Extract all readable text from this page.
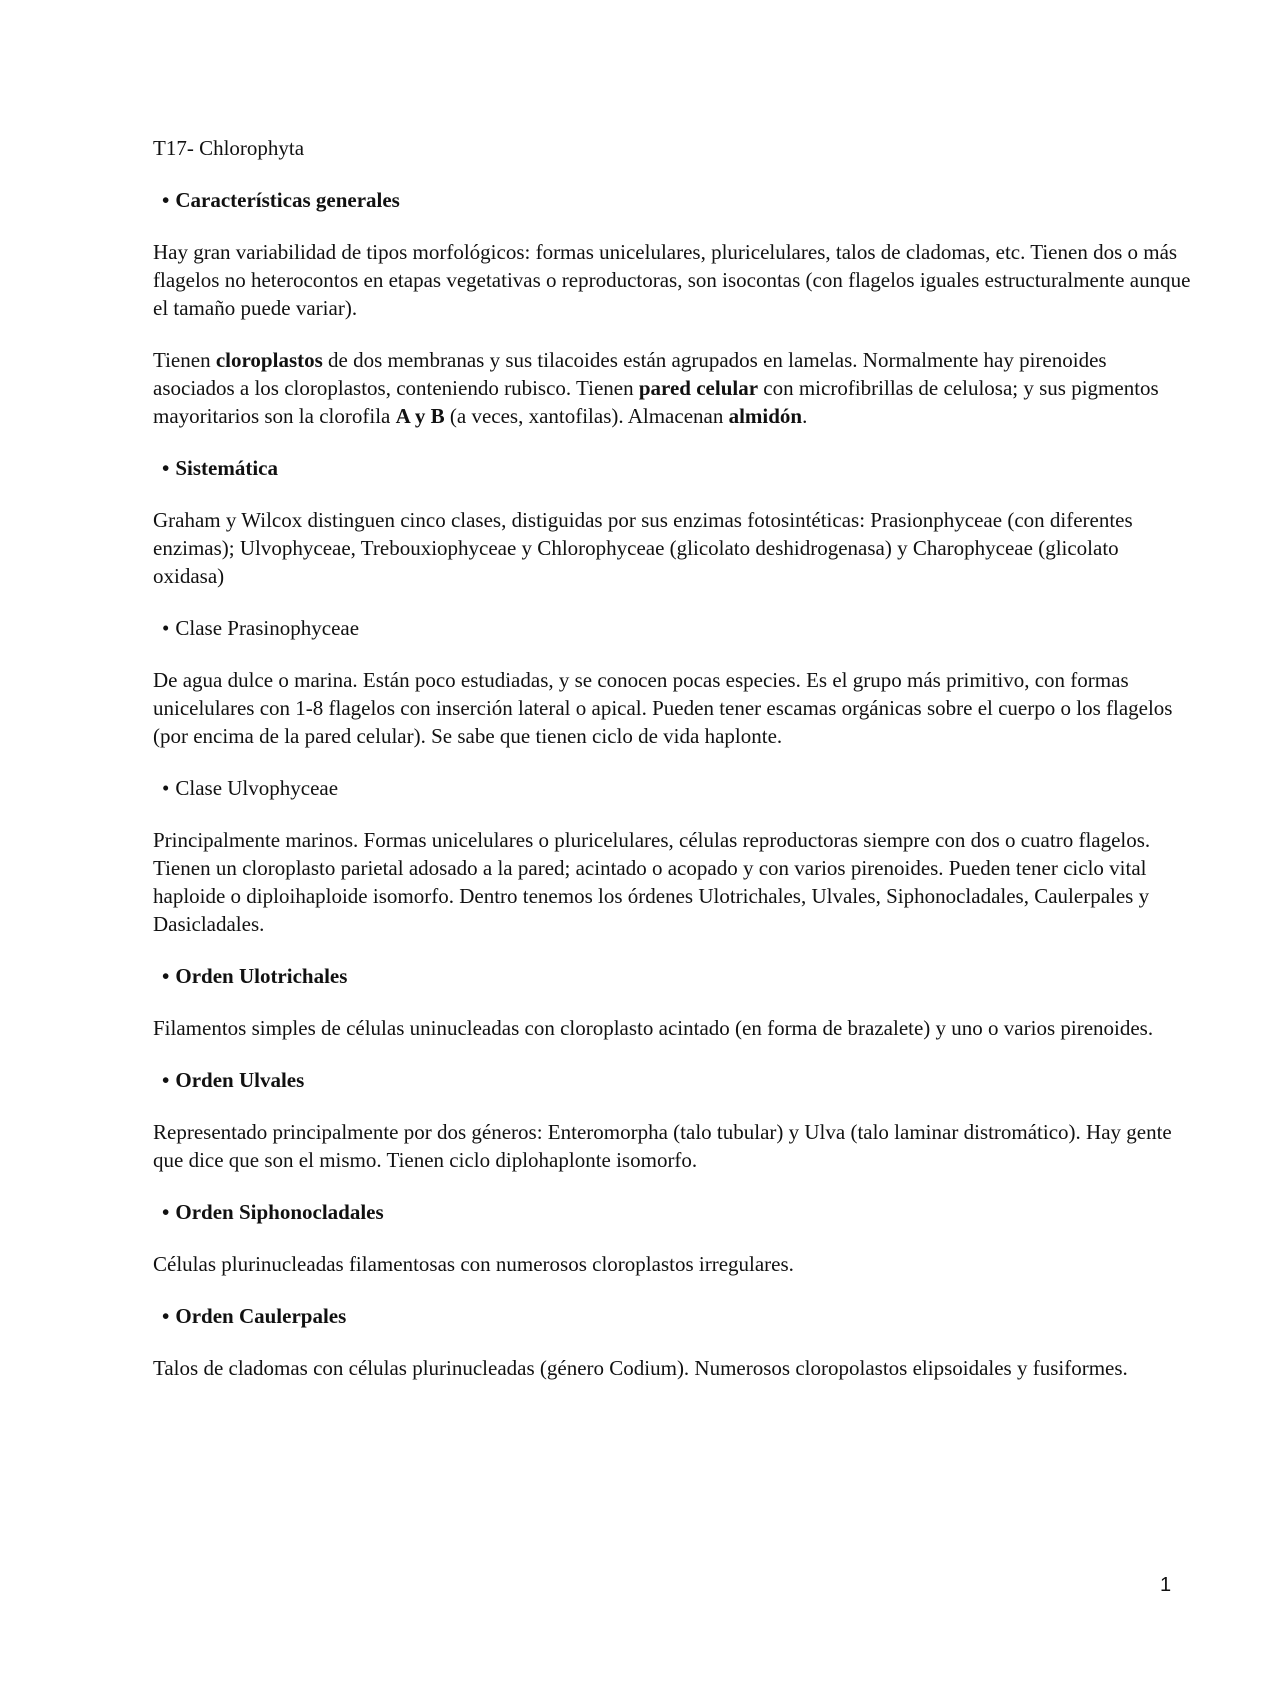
T17- Chlorophyta

• Características generales

Hay gran variabilidad de tipos morfológicos: formas unicelulares, pluricelulares, talos de cladomas, etc. Tienen dos o más flagelos no heterocontos en etapas vegetativas o reproductoras, son isocontas (con flagelos iguales estructuralmente aunque el tamaño puede variar).

Tienen cloroplastos de dos membranas y sus tilacoides están agrupados en lamelas. Normalmente hay pirenoides asociados a los cloroplastos, conteniendo rubisco. Tienen pared celular con microfibrillas de celulosa; y sus pigmentos mayoritarios son la clorofila A y B (a veces, xantofilas). Almacenan almidón.

• Sistemática

Graham y Wilcox distinguen cinco clases, distiguidas por sus enzimas fotosintéticas: Prasionphyceae (con diferentes enzimas); Ulvophyceae, Trebouxiophyceae y Chlorophyceae (glicolato deshidrogenasa) y Charophyceae (glicolato oxidasa)

• Clase Prasinophyceae

De agua dulce o marina. Están poco estudiadas, y se conocen pocas especies. Es el grupo más primitivo, con formas unicelulares con 1-8 flagelos con inserción lateral o apical. Pueden tener escamas orgánicas sobre el cuerpo o los flagelos (por encima de la pared celular). Se sabe que tienen ciclo de vida haplonte.

• Clase Ulvophyceae

Principalmente marinos. Formas unicelulares o pluricelulares, células reproductoras siempre con dos o cuatro flagelos. Tienen un cloroplasto parietal adosado a la pared; acintado o acopado y con varios pirenoides. Pueden tener ciclo vital haploide o diploihaploide isomorfo. Dentro tenemos los órdenes Ulotrichales, Ulvales, Siphonocladales, Caulerpales y Dasicladales.

• Orden Ulotrichales

Filamentos simples de células uninucleadas con cloroplasto acintado (en forma de brazalete) y uno o varios pirenoides.

• Orden Ulvales

Representado principalmente por dos géneros: Enteromorpha (talo tubular) y Ulva (talo laminar distromático). Hay gente que dice que son el mismo. Tienen ciclo diplohaplonte isomorfo.

• Orden Siphonocladales

Células plurinucleadas filamentosas con numerosos cloroplastos irregulares.

• Orden Caulerpales

Talos de cladomas con células plurinucleadas (género Codium). Numerosos cloropolastos elipsoidales y fusiformes.

1
